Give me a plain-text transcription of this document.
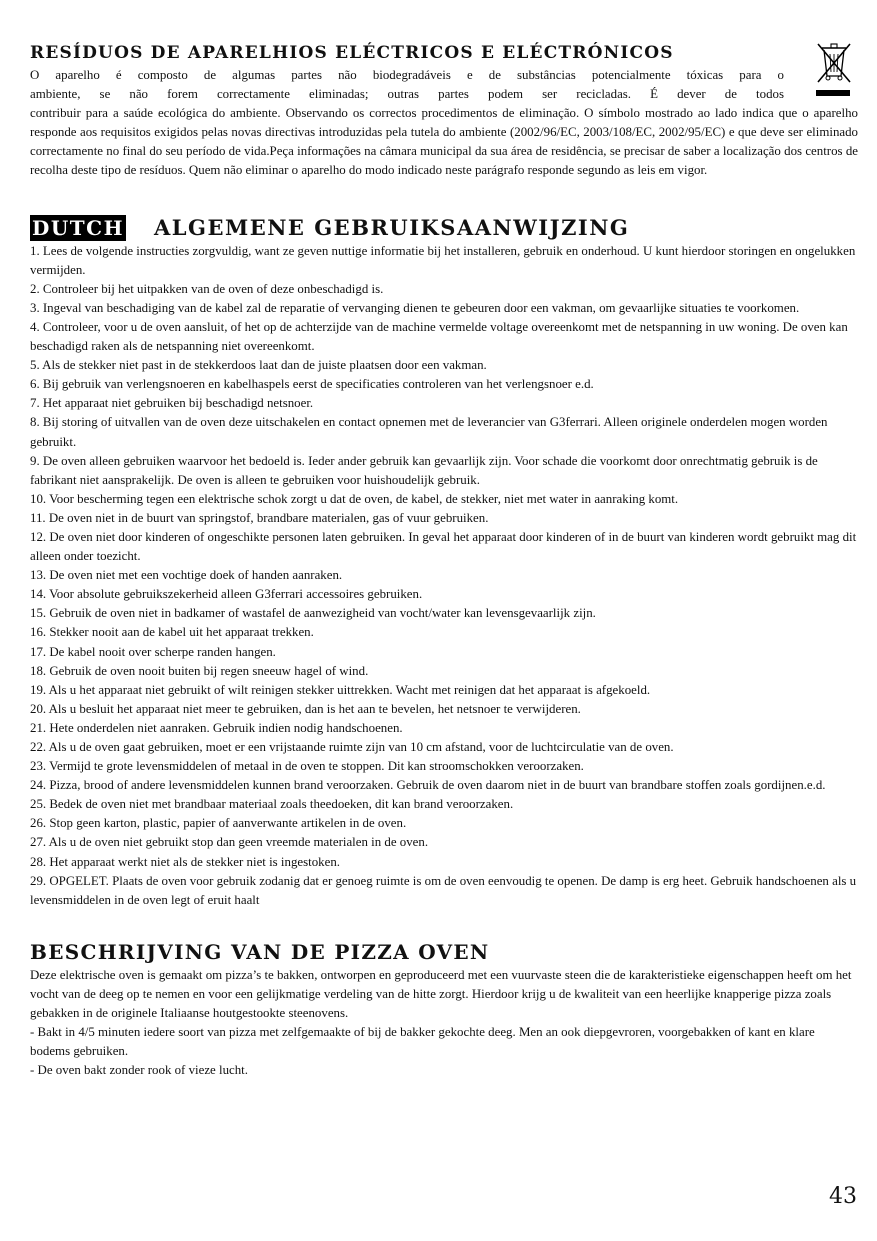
RESÍDUOS DE APARELHIOS ELÉCTRICOS E ELÉCTRÓNICOS

O aparelho é composto de algumas partes não biodegradáveis e de substâncias potencialmente tóxicas para o

ambiente, se não forem correctamente eliminadas; outras partes podem ser recicladas. É dever de todos

contribuir para a saúde ecológica do ambiente. Observando os correctos procedimentos de eliminação. O símbolo mostrado ao lado indica que o aparelho responde aos requisitos exigidos pelas novas directivas introduzidas pela tutela do ambiente (2002/96/EC, 2003/108/EC, 2002/95/EC) e que deve ser eliminado correctamente no final do seu período de vida.Peça informações na câmara municipal da sua área de residência, se precisar de saber a localização dos centros de recolha deste tipo de resíduos. Quem não eliminar o aparelho do modo indicado neste parágrafo responde segundo as leis em vigor.

DUTCH ALGEMENE GEBRUIKSAANWIJZING
1. Lees de volgende instructies zorgvuldig, want ze geven nuttige informatie bij het installeren, gebruik en onderhoud. U kunt hierdoor storingen en ongelukken vermijden.
2. Controleer bij het uitpakken van de oven of deze onbeschadigd is.
3. Ingeval van beschadiging van de kabel zal de reparatie of vervanging dienen te gebeuren door een vakman, om gevaarlijke situaties te voorkomen.
4. Controleer, voor u de oven aansluit, of het op de achterzijde van de machine vermelde voltage overeenkomt met de netspanning in uw woning. De oven kan beschadigd raken als de netspanning niet overeenkomt.
5. Als de stekker niet past in de stekkerdoos laat dan de juiste plaatsen door een vakman.
6. Bij gebruik van verlengsnoeren en kabelhaspels eerst de specificaties controleren van het verlengsnoer e.d.
7. Het apparaat niet gebruiken bij beschadigd netsnoer.
8. Bij storing of uitvallen van de oven deze uitschakelen en contact opnemen met de leverancier van G3ferrari. Alleen originele onderdelen mogen worden gebruikt.
9. De oven alleen gebruiken waarvoor het bedoeld is. Ieder ander gebruik kan gevaarlijk zijn. Voor schade die voorkomt door onrechtmatig gebruik is de fabrikant niet aansprakelijk. De oven is alleen te gebruiken voor huishoudelijk gebruik.
10. Voor bescherming tegen een elektrische schok zorgt u dat de oven, de kabel, de stekker, niet met water in aanraking komt.
11. De oven niet in de buurt van springstof, brandbare materialen, gas of vuur gebruiken.
12. De oven niet door kinderen of ongeschikte personen laten gebruiken. In geval het apparaat door kinderen of in de buurt van kinderen wordt gebruikt mag dit alleen onder toezicht.
13. De oven niet met een vochtige doek of handen aanraken.
14. Voor absolute gebruikszekerheid alleen G3ferrari accessoires gebruiken.
15. Gebruik de oven niet in badkamer of wastafel de aanwezigheid van vocht/water kan levensgevaarlijk zijn.
16. Stekker nooit aan de kabel uit het apparaat trekken.
17. De kabel nooit over scherpe randen hangen.
18. Gebruik de oven nooit buiten bij regen sneeuw hagel of wind.
19. Als u het apparaat niet gebruikt of wilt reinigen stekker uittrekken. Wacht met reinigen dat het apparaat is afgekoeld.
20. Als u besluit het apparaat niet meer te gebruiken, dan is het aan te bevelen, het netsnoer te verwijderen.
21. Hete onderdelen niet aanraken. Gebruik indien nodig handschoenen.
22. Als u de oven gaat gebruiken, moet er een vrijstaande ruimte zijn van 10 cm afstand, voor de luchtcirculatie van de oven.
23. Vermijd te grote levensmiddelen of metaal in de oven te stoppen. Dit kan stroomschokken veroorzaken.
24. Pizza, brood of andere levensmiddelen kunnen brand veroorzaken. Gebruik de oven daarom niet in de buurt van brandbare stoffen zoals gordijnen.e.d.
25. Bedek de oven niet met brandbaar materiaal zoals theedoeken, dit kan brand veroorzaken.
26. Stop geen karton, plastic, papier of aanverwante artikelen in de oven.
27. Als u de oven niet gebruikt stop dan geen vreemde materialen in de oven.
28. Het apparaat werkt niet als de stekker niet is ingestoken.
29. OPGELET. Plaats de oven voor gebruik zodanig dat er genoeg ruimte is om de oven eenvoudig te openen. De damp is erg heet. Gebruik handschoenen als u levensmiddelen in de oven legt of eruit haalt
BESCHRIJVING VAN DE PIZZA OVEN

Deze elektrische oven is gemaakt om pizza’s te bakken, ontworpen en geproduceerd met een vuurvaste steen die de karakteristieke eigenschappen heeft om het vocht van de deeg op te nemen en voor een gelijkmatige verdeling van de hitte zorgt. Hierdoor krijg u de kwaliteit van een heerlijke knapperige pizza zoals gebakken in de originele Italiaanse houtgestookte steenovens.

- Bakt in 4/5 minuten iedere soort van pizza met zelfgemaakte of bij de bakker gekochte deeg. Men an ook diepgevroren, voorgebakken of kant en klare bodems gebruiken.

- De oven bakt zonder rook of vieze lucht.

43
